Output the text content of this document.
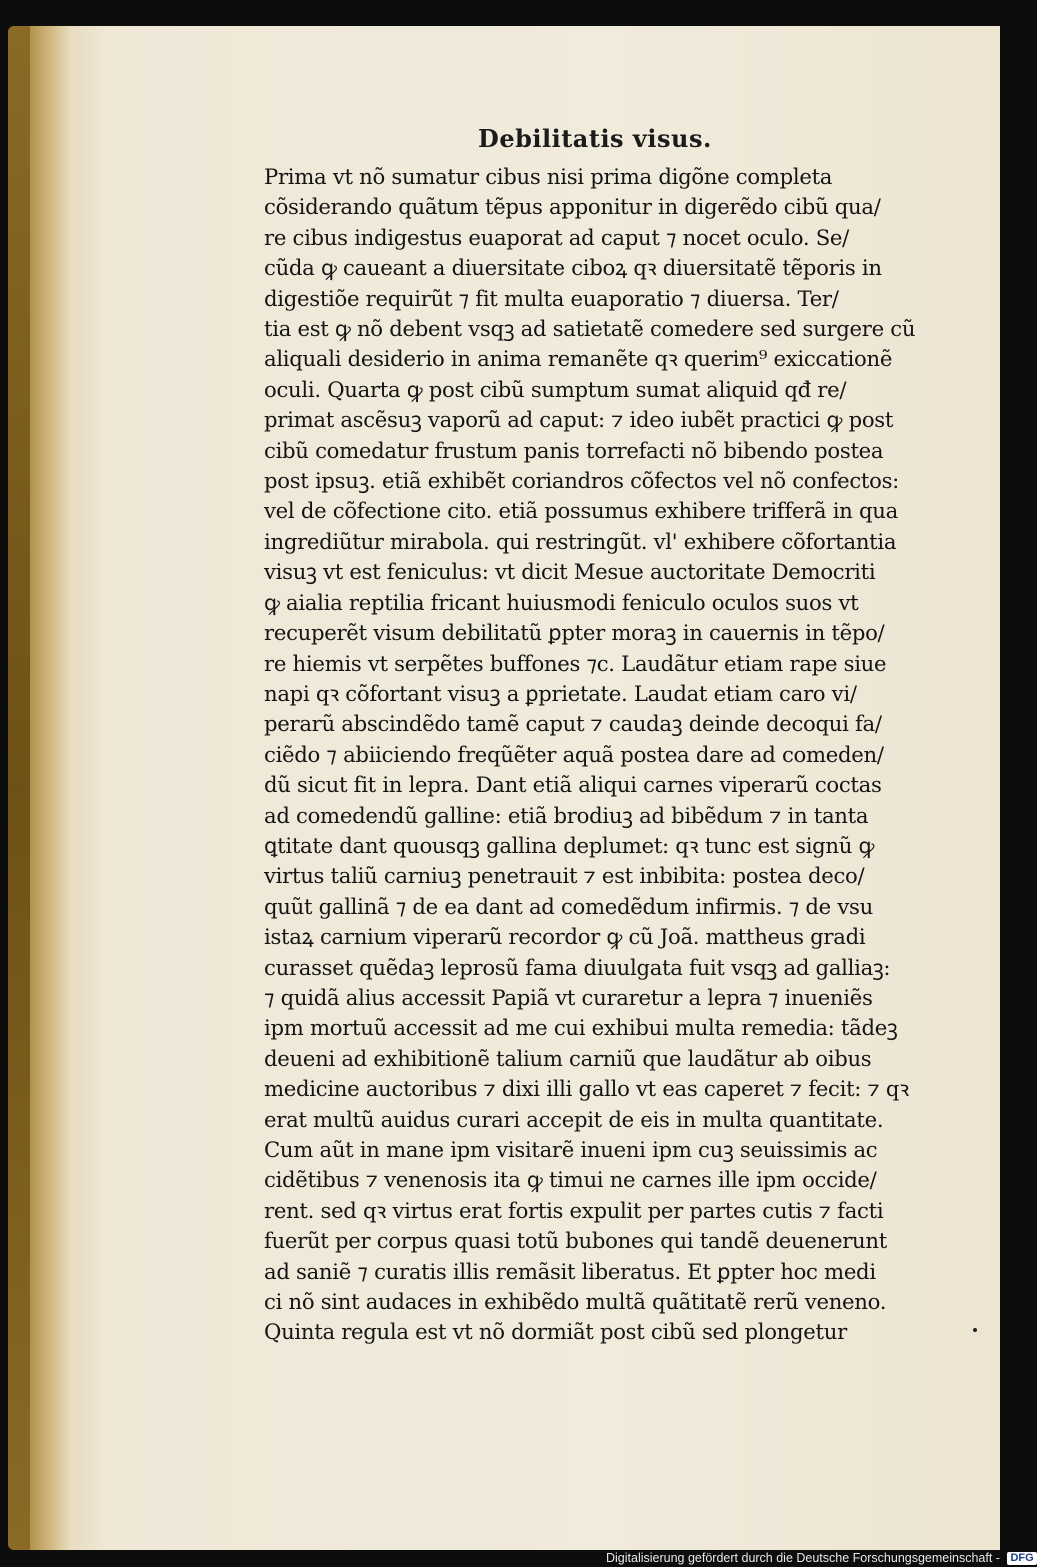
Debilitatis visus.
Prima vt nõ sumatur cibus nisi prima digõne completa
cõsiderando quãtum tẽpus apponitur in digerẽdo cibũ qua/
re cibus indigestus euaporat ad caput ⁊ nocet oculo. Se/
cũda ꝙ caueant a diuersitate ciboꝝ qꝛ diuersitatẽ tẽporis in
digestiõe requirũt ⁊ fit multa euaporatio ⁊ diuersa. Ter/
tia est ꝙ nõ debent vsqꝫ ad satietatẽ comedere sed surgere cũ
aliquali desiderio in anima remanẽte qꝛ querim⁹ exiccationẽ
oculi. Quarta ꝙ post cibũ sumptum sumat aliquid qđ re/
primat ascẽsuꝫ vaporũ ad caput: ⁊ ideo iubẽt practici ꝙ post
cibũ comedatur frustum panis torrefacti nõ bibendo postea
post ipsuꝫ. etiã exhibẽt coriandros cõfectos vel nõ confectos:
vel de cõfectione cito. etiã possumus exhibere trifferã in qua
ingrediũtur mirabola. qui restringũt. vl' exhibere cõfortantia
visuꝫ vt est feniculus: vt dicit Mesue auctoritate Democriti
ꝙ aialia reptilia fricant huiusmodi feniculo oculos suos vt
recuperẽt visum debilitatũ ꝑpter moraꝫ in cauernis in tẽpo/
re hiemis vt serpẽtes buffones ⁊c. Laudãtur etiam rape siue
napi qꝛ cõfortant visuꝫ a ꝑprietate. Laudat etiam caro vi/
perarũ abscindẽdo tamẽ caput ⁊ caudaꝫ deinde decoqui fa/
ciẽdo ⁊ abiiciendo freqũẽter aquã postea dare ad comeden/
dũ sicut fit in lepra. Dant etiã aliqui carnes viperarũ coctas
ad comedendũ galline: etiã brodiuꝫ ad bibẽdum ⁊ in tanta
ꝗtitate dant quousqꝫ gallina deplumet: qꝛ tunc est signũ ꝙ
virtus taliũ carniuꝫ penetrauit ⁊ est inbibita: postea deco/
quũt gallinã ⁊ de ea dant ad comedẽdum infirmis. ⁊ de vsu
istaꝝ carnium viperarũ recordor ꝙ cũ Joã. mattheus gradi
curasset quẽdaꝫ leprosũ fama diuulgata fuit vsqꝫ ad galliaꝫ:
⁊ quidã alius accessit Papiã vt curaretur a lepra ⁊ inueniẽs
ipm mortuũ accessit ad me cui exhibui multa remedia: tãdeꝫ
deueni ad exhibitionẽ talium carniũ que laudãtur ab oibus
medicine auctoribus ⁊ dixi illi gallo vt eas caperet ⁊ fecit: ⁊ qꝛ
erat multũ auidus curari accepit de eis in multa quantitate.
Cum aũt in mane ipm visitarẽ inueni ipm cuꝫ seuissimis ac
cidẽtibus ⁊ venenosis ita ꝙ timui ne carnes ille ipm occide/
rent. sed qꝛ virtus erat fortis expulit per partes cutis ⁊ facti
fuerũt per corpus quasi totũ bubones qui tandẽ deuenerunt
ad saniẽ ⁊ curatis illis remãsit liberatus. Et ꝑpter hoc medi
ci nõ sint audaces in exhibẽdo multã quãtitatẽ rerũ veneno.
Quinta regula est vt nõ dormiãt post cibũ sed plongetur
Digitalisierung gefördert durch die Deutsche Forschungsgemeinschaft - DFG
